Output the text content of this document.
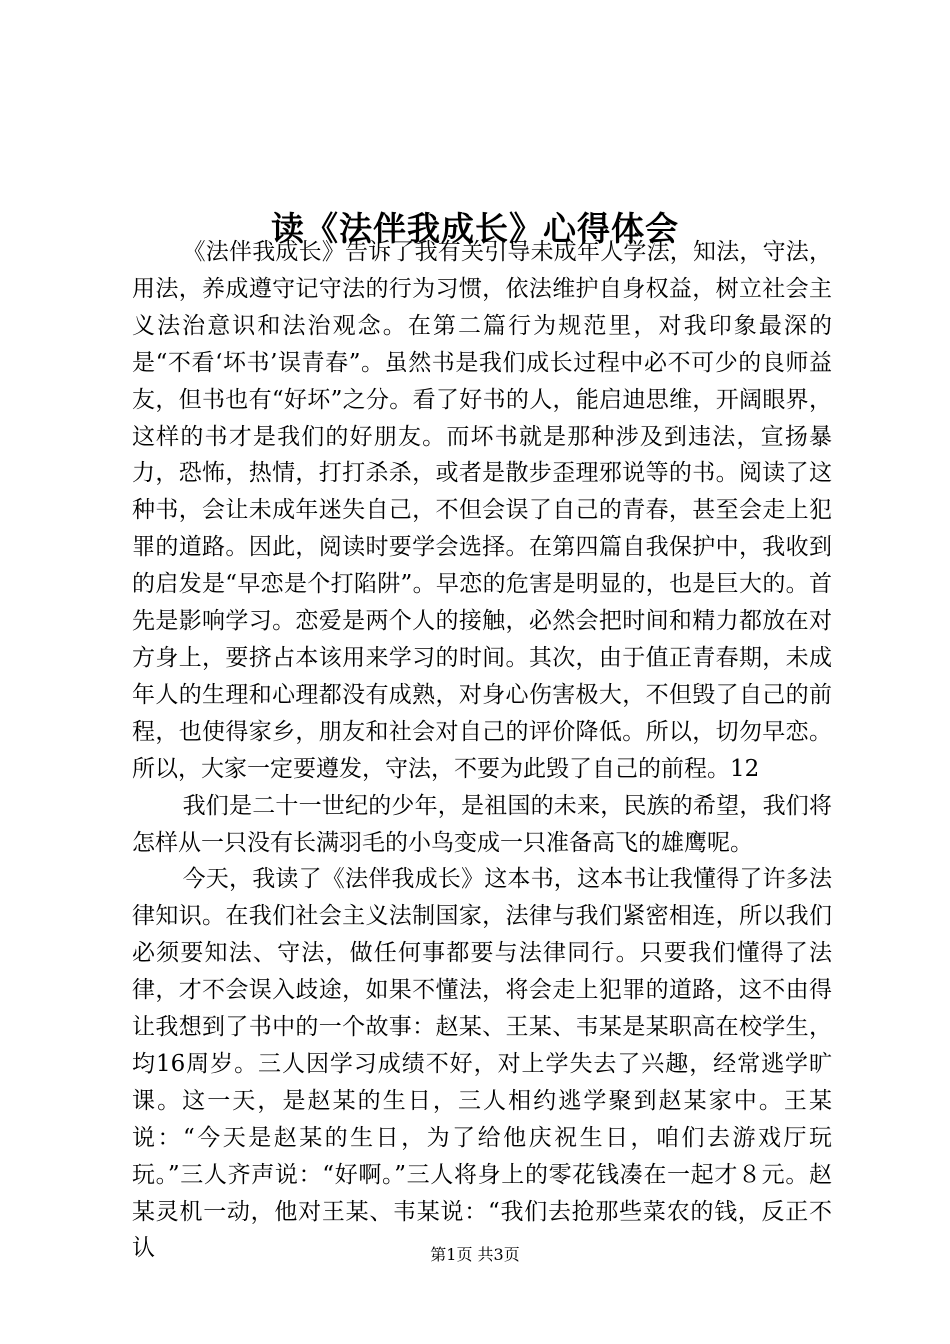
读《法伴我成长》心得体会

《法伴我成长》告诉了我有关引导未成年人学法，知法，守法，用法，养成遵守记守法的行为习惯，依法维护自身权益，树立社会主义法治意识和法治观念。在第二篇行为规范里，对我印象最深的是“不看‘坏书’误青春”。虽然书是我们成长过程中必不可少的良师益友，但书也有“好坏”之分。看了好书的人，能启迪思维，开阔眼界，这样的书才是我们的好朋友。而坏书就是那种涉及到违法，宣扬暴力，恐怖，热情，打打杀杀，或者是散步歪理邪说等的书。阅读了这种书，会让未成年迷失自己，不但会误了自己的青春，甚至会走上犯罪的道路。因此，阅读时要学会选择。在第四篇自我保护中，我收到的启发是“早恋是个打陷阱”。早恋的危害是明显的，也是巨大的。首先是影响学习。恋爱是两个人的接触，必然会把时间和精力都放在对方身上，要挤占本该用来学习的时间。其次，由于值正青春期，未成年人的生理和心理都没有成熟，对身心伤害极大，不但毁了自己的前程，也使得家乡，朋友和社会对自己的评价降低。所以，切勿早恋。所以，大家一定要遵发，守法，不要为此毁了自己的前程。12

我们是二十一世纪的少年，是祖国的未来，民族的希望，我们将怎样从一只没有长满羽毛的小鸟变成一只准备高飞的雄鹰呢。

今天，我读了《法伴我成长》这本书，这本书让我懂得了许多法律知识。在我们社会主义法制国家，法律与我们紧密相连，所以我们必须要知法、守法，做任何事都要与法律同行。只要我们懂得了法律，才不会误入歧途，如果不懂法，将会走上犯罪的道路，这不由得让我想到了书中的一个故事：赵某、王某、韦某是某职高在校学生，均16周岁。三人因学习成绩不好，对上学失去了兴趣，经常逃学旷课。这一天，是赵某的生日，三人相约逃学聚到赵某家中。王某说：“今天是赵某的生日，为了给他庆祝生日，咱们去游戏厅玩玩。”三人齐声说：“好啊。”三人将身上的零花钱凑在一起才８元。赵某灵机一动，他对王某、韦某说：“我们去抢那些菜农的钱，反正不认	第1页 共3页
